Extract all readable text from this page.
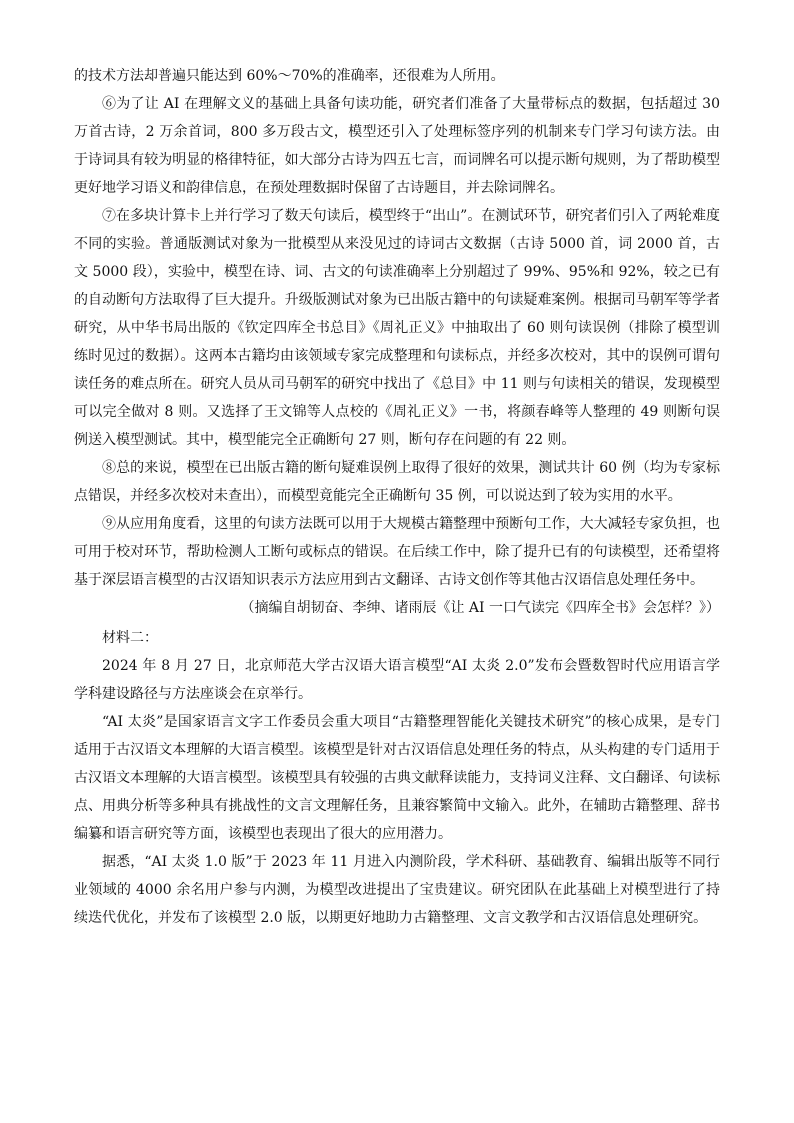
的技术方法却普遍只能达到 60%～70%的准确率，还很难为人所用。

⑥为了让 AI 在理解文义的基础上具备句读功能，研究者们准备了大量带标点的数据，包括超过 30 万首古诗，2 万余首词，800 多万段古文，模型还引入了处理标签序列的机制来专门学习句读方法。由于诗词具有较为明显的格律特征，如大部分古诗为四五七言，而词牌名可以提示断句规则，为了帮助模型更好地学习语义和韵律信息，在预处理数据时保留了古诗题目，并去除词牌名。

⑦在多块计算卡上并行学习了数天句读后，模型终于“出山”。在测试环节，研究者们引入了两轮难度不同的实验。普通版测试对象为一批模型从来没见过的诗词古文数据（古诗 5000 首，词 2000 首，古文 5000 段），实验中，模型在诗、词、古文的句读准确率上分别超过了 99%、95%和 92%，较之已有的自动断句方法取得了巨大提升。升级版测试对象为已出版古籍中的句读疑难案例。根据司马朝军等学者研究，从中华书局出版的《钦定四库全书总目》《周礼正义》中抽取出了 60 则句读误例（排除了模型训练时见过的数据）。这两本古籍均由该领域专家完成整理和句读标点，并经多次校对，其中的误例可谓句读任务的难点所在。研究人员从司马朝军的研究中找出了《总目》中 11 则与句读相关的错误，发现模型可以完全做对 8 则。又选择了王文锦等人点校的《周礼正义》一书，将颜春峰等人整理的 49 则断句误例送入模型测试。其中，模型能完全正确断句 27 则，断句存在问题的有 22 则。

⑧总的来说，模型在已出版古籍的断句疑难误例上取得了很好的效果，测试共计 60 例（均为专家标点错误，并经多次校对未查出），而模型竟能完全正确断句 35 例，可以说达到了较为实用的水平。

⑨从应用角度看，这里的句读方法既可以用于大规模古籍整理中预断句工作，大大减轻专家负担，也可用于校对环节，帮助检测人工断句或标点的错误。在后续工作中，除了提升已有的句读模型，还希望将基于深层语言模型的古汉语知识表示方法应用到古文翻译、古诗文创作等其他古汉语信息处理任务中。

（摘编自胡韧奋、李绅、诸雨辰《让 AI 一口气读完《四库全书》会怎样？》）

材料二：

2024 年 8 月 27 日，北京师范大学古汉语大语言模型“AI 太炎 2.0”发布会暨数智时代应用语言学学科建设路径与方法座谈会在京举行。

“AI 太炎”是国家语言文字工作委员会重大项目“古籍整理智能化关键技术研究”的核心成果，是专门适用于古汉语文本理解的大语言模型。该模型是针对古汉语信息处理任务的特点，从头构建的专门适用于古汉语文本理解的大语言模型。该模型具有较强的古典文献释读能力，支持词义注释、文白翻译、句读标点、用典分析等多种具有挑战性的文言文理解任务，且兼容繁简中文输入。此外，在辅助古籍整理、辞书编纂和语言研究等方面，该模型也表现出了很大的应用潜力。

据悉，“AI 太炎 1.0 版”于 2023 年 11 月进入内测阶段，学术科研、基础教育、编辑出版等不同行业领域的 4000 余名用户参与内测，为模型改进提出了宝贵建议。研究团队在此基础上对模型进行了持续迭代优化，并发布了该模型 2.0 版，以期更好地助力古籍整理、文言文教学和古汉语信息处理研究。
